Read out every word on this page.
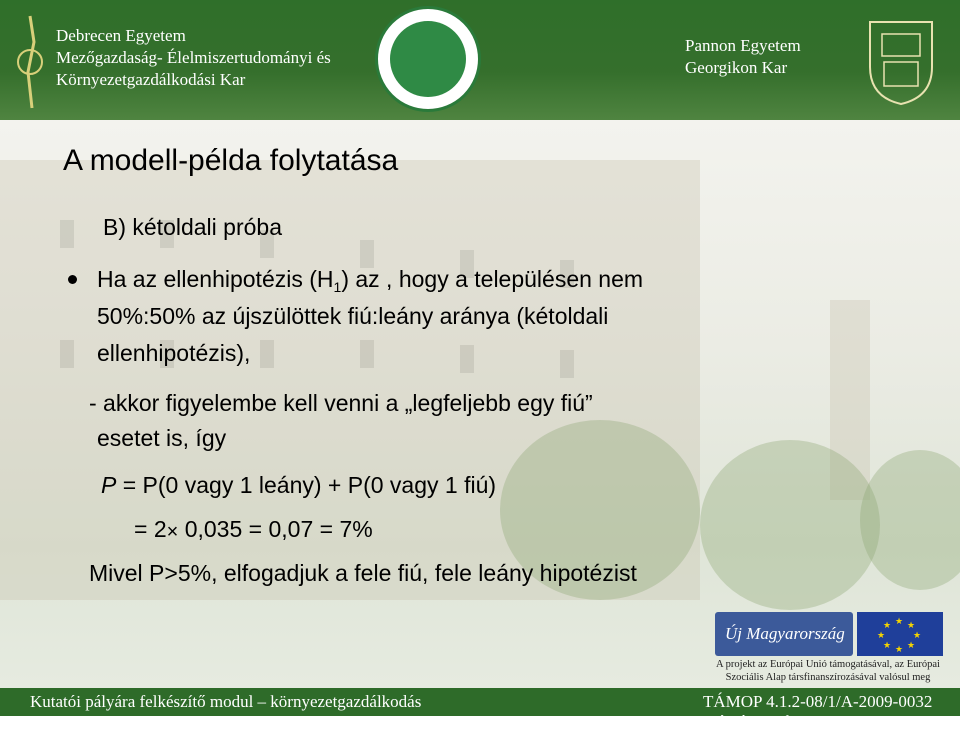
Debrecen Egyetem
Mezőgazdaság- Élelmiszertudományi és
Környezetgazdálkodási Kar
Pannon Egyetem
Georgikon Kar
A modell-példa folytatása
B) kétoldali próba
Ha az ellenhipotézis $(H_1)$ az , hogy a településen nem
50%:50% az újszülöttek fiú:leány aránya (kétoldali
ellenhipotézis),
- akkor figyelembe kell venni a „legfeljebb egy fiú”
esetet is, így
P = P(0 vagy 1 leány) + P(0 vagy 1 fiú)
= 2× 0,035 = 0,07 = 7%
Mivel P>5%, elfogadjuk a fele fiú, fele leány hipotézist
Új Magyarország
★ ★
★
★
★
★
★
★
A projekt az Európai Unió támogatásával, az Európai
Szociális Alap társfinanszírozásával valósul meg
Kutatói pályára felkészítő modul – környezetgazdálkodás	TÁMOP 4.1.2-08/1/A-2009-0032 számú projekt
